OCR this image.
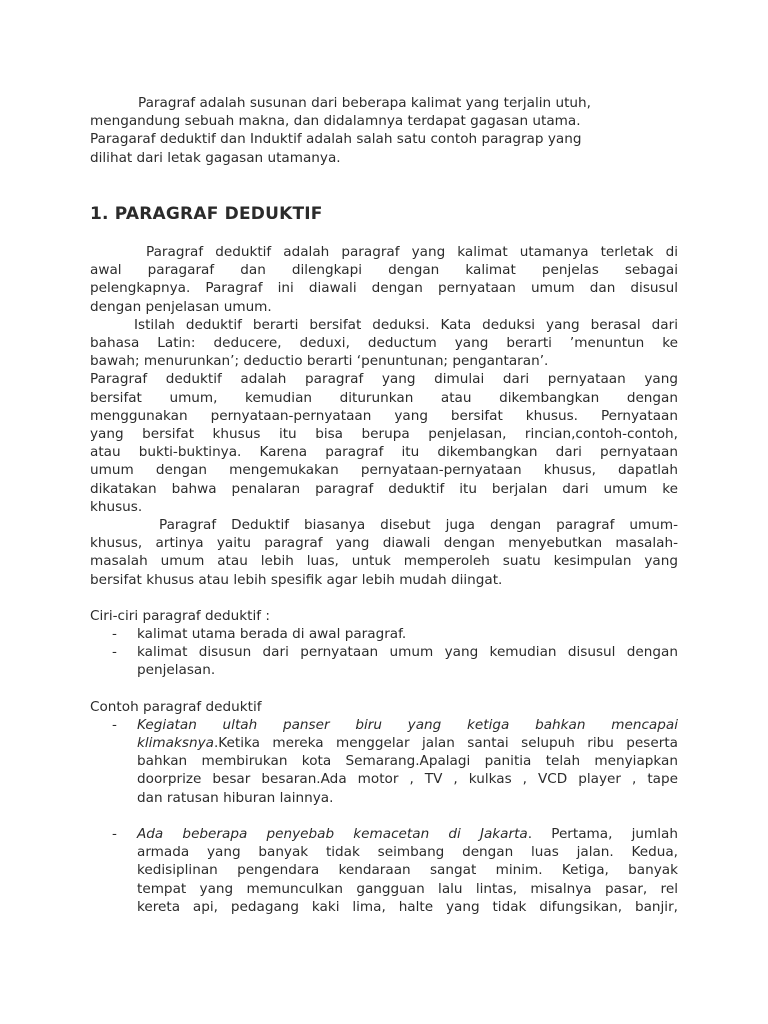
Paragraf adalah susunan dari beberapa kalimat yang terjalin utuh,
mengandung sebuah makna, dan didalamnya terdapat gagasan utama.
Paragaraf deduktif dan Induktif adalah salah satu contoh paragrap yang
dilihat dari letak gagasan utamanya.
1. PARAGRAF DEDUKTIF
Paragraf deduktif adalah paragraf yang kalimat utamanya terletak di
awal paragaraf dan dilengkapi dengan kalimat penjelas sebagai
pelengkapnya. Paragraf ini diawali dengan pernyataan umum dan disusul
dengan penjelasan umum.
Istilah deduktif berarti bersifat deduksi. Kata deduksi yang berasal dari
bahasa Latin: deducere, deduxi, deductum yang berarti ’menuntun ke
bawah; menurunkan’; deductio berarti ‘penuntunan; pengantaran’.
Paragraf deduktif adalah paragraf yang dimulai dari pernyataan yang
bersifat umum, kemudian diturunkan atau dikembangkan dengan
menggunakan pernyataan-pernyataan yang bersifat khusus. Pernyataan
yang bersifat khusus itu bisa berupa penjelasan, rincian,contoh-contoh,
atau bukti-buktinya. Karena paragraf itu dikembangkan dari pernyataan
umum dengan mengemukakan pernyataan-pernyataan khusus, dapatlah
dikatakan bahwa penalaran paragraf deduktif itu berjalan dari umum ke
khusus.
Paragraf Deduktif biasanya disebut juga dengan paragraf umum-
khusus, artinya yaitu paragraf yang diawali dengan menyebutkan masalah-
masalah umum atau lebih luas, untuk memperoleh suatu kesimpulan yang
bersifat khusus atau lebih spesifik agar lebih mudah diingat.
Ciri-ciri paragraf deduktif :
- kalimat utama berada di awal paragraf.
- kalimat disusun dari pernyataan umum yang kemudian disusul dengan
penjelasan.
Contoh paragraf deduktif
- Kegiatan ultah panser biru yang ketiga bahkan mencapai
klimaksnya.Ketika mereka menggelar jalan santai selupuh ribu peserta
bahkan membirukan kota Semarang.Apalagi panitia telah menyiapkan
doorprize besar besaran.Ada motor , TV , kulkas , VCD player , tape
dan ratusan hiburan lainnya.
- Ada beberapa penyebab kemacetan di Jakarta. Pertama, jumlah
armada yang banyak tidak seimbang dengan luas jalan. Kedua,
kedisiplinan pengendara kendaraan sangat minim. Ketiga, banyak
tempat yang memunculkan gangguan lalu lintas, misalnya pasar, rel
kereta api, pedagang kaki lima, halte yang tidak difungsikan, banjir,
